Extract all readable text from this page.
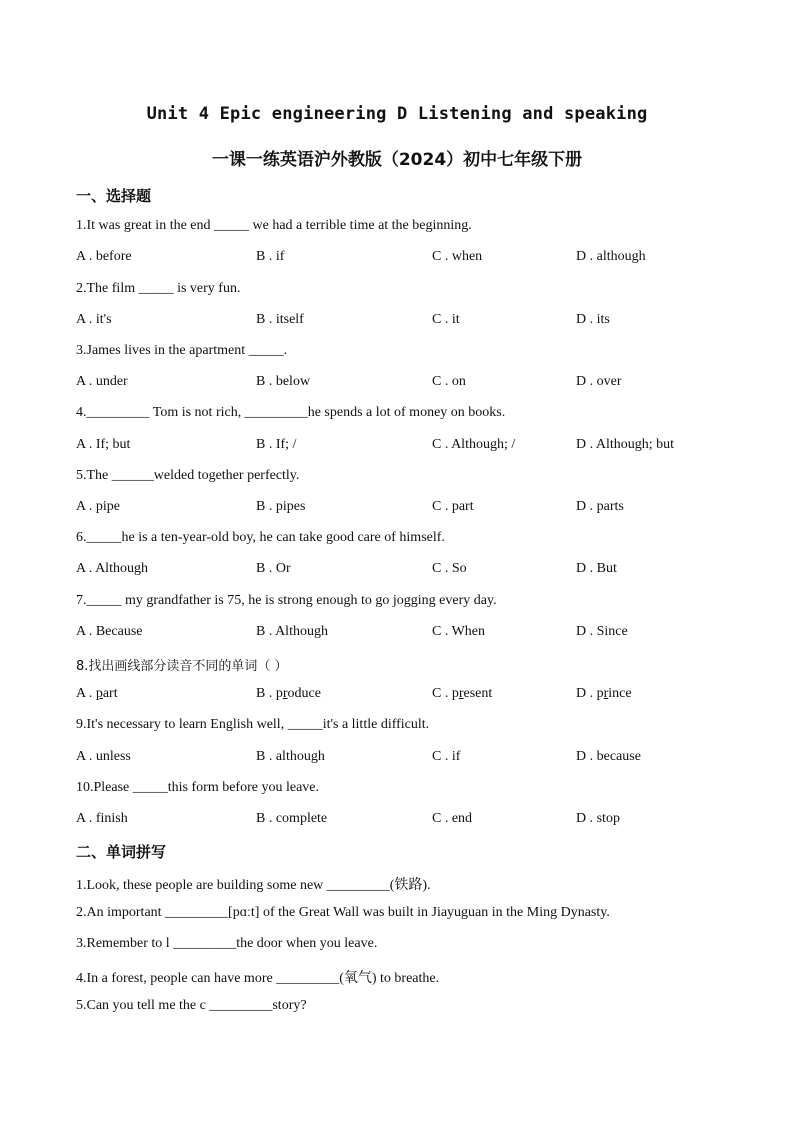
Unit 4 Epic engineering D Listening and speaking
一课一练英语沪外教版（2024）初中七年级下册
一、选择题
1.It was great in the end _____ we had a terrible time at the beginning.
A . before	B . if	C . when	D . although
2.The film _____ is very fun.
A . it's	B . itself	C . it	D . its
3.James lives in the apartment _____.
A . under	B . below	C . on	D . over
4._________ Tom is not rich, _________he spends a lot of money on books.
A . If; but	B . If; /	C . Although; /	D . Although; but
5.The ______welded together perfectly.
A . pipe	B . pipes	C . part	D . parts
6._____he is a ten-year-old boy, he can take good care of himself.
A . Although	B . Or	C . So	D . But
7._____ my grandfather is 75, he is strong enough to go jogging every day.
A . Because	B . Although	C . When	D . Since
8.找出画线部分读音不同的单词（ ）
A . part	B . produce	C . present	D . prince
9.It's necessary to learn English well, _____it's a little difficult.
A . unless	B . although	C . if	D . because
10.Please _____this form before you leave.
A . finish	B . complete	C . end	D . stop
二、单词拼写
1.Look, these people are building some new _________(铁路).
2.An important _________[pɑːt] of the Great Wall was built in Jiayuguan in the Ming Dynasty.
3.Remember to l _________the door when you leave.
4.In a forest, people can have more _________(氧气) to breathe.
5.Can you tell me the c _________story?
